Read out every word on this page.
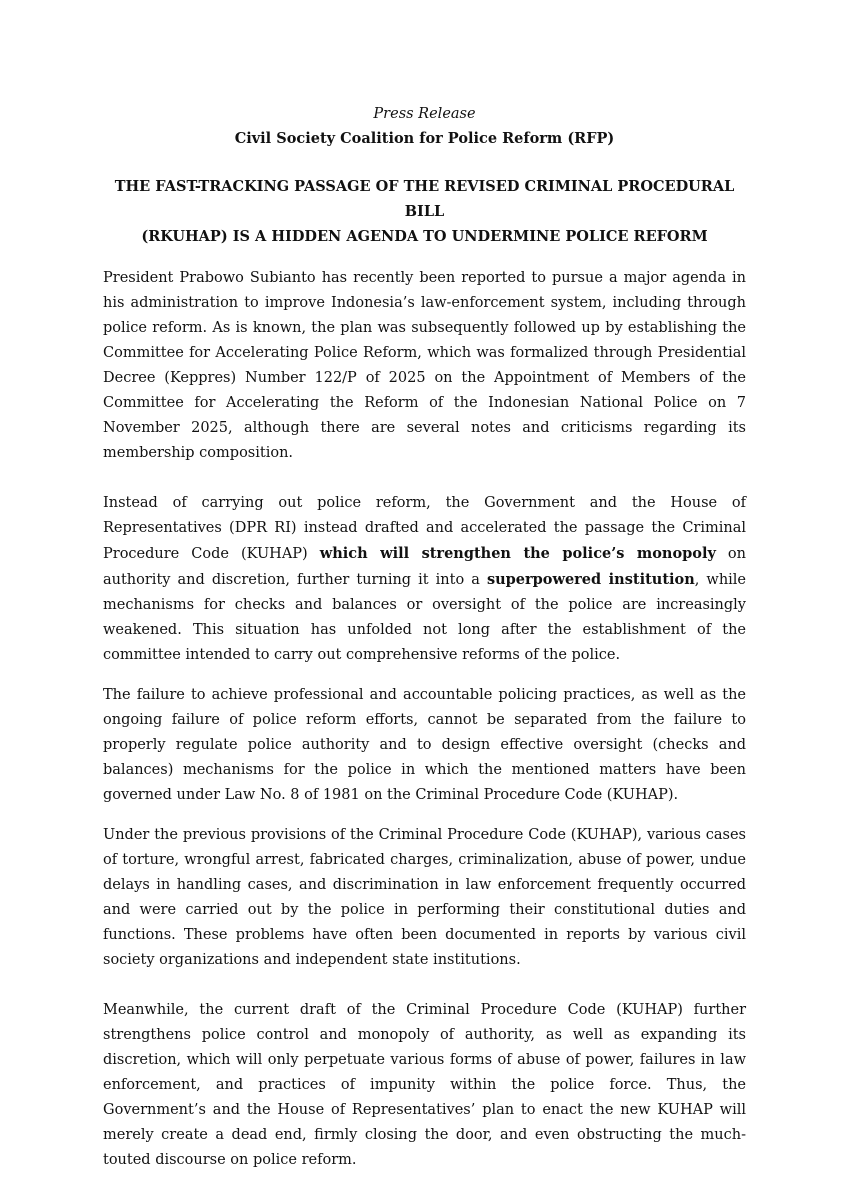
Press Release
Civil Society Coalition for Police Reform (RFP)
THE FAST-TRACKING PASSAGE OF THE REVISED CRIMINAL PROCEDURAL BILL
(RKUHAP) IS A HIDDEN AGENDA TO UNDERMINE POLICE REFORM

President Prabowo Subianto has recently been reported to pursue a major agenda in his administration to improve Indonesia’s law-enforcement system, including through police reform. As is known, the plan was subsequently followed up by establishing the Committee for Accelerating Police Reform, which was formalized through Presidential Decree (Keppres) Number 122/P of 2025 on the Appointment of Members of the Committee for Accelerating the Reform of the Indonesian National Police on 7 November 2025, although there are several notes and criticisms regarding its membership composition.

Instead of carrying out police reform, the Government and the House of Representatives (DPR RI) instead drafted and accelerated the passage the Criminal Procedure Code (KUHAP) which will strengthen the police’s monopoly on authority and discretion, further turning it into a superpowered institution, while mechanisms for checks and balances or oversight of the police are increasingly weakened. This situation has unfolded not long after the establishment of the committee intended to carry out comprehensive reforms of the police.

The failure to achieve professional and accountable policing practices, as well as the ongoing failure of police reform efforts, cannot be separated from the failure to properly regulate police authority and to design effective oversight (checks and balances) mechanisms for the police in which the mentioned matters have been governed under Law No. 8 of 1981 on the Criminal Procedure Code (KUHAP).

Under the previous provisions of the Criminal Procedure Code (KUHAP), various cases of torture, wrongful arrest, fabricated charges, criminalization, abuse of power, undue delays in handling cases, and discrimination in law enforcement frequently occurred and were carried out by the police in performing their constitutional duties and functions. These problems have often been documented in reports by various civil society organizations and independent state institutions.

Meanwhile, the current draft of the Criminal Procedure Code (KUHAP) further strengthens police control and monopoly of authority, as well as expanding its discretion, which will only perpetuate various forms of abuse of power, failures in law enforcement, and practices of impunity within the police force. Thus, the Government’s and the House of Representatives’ plan to enact the new KUHAP will merely create a dead end, firmly closing the door, and even obstructing the much-touted discourse on police reform.
